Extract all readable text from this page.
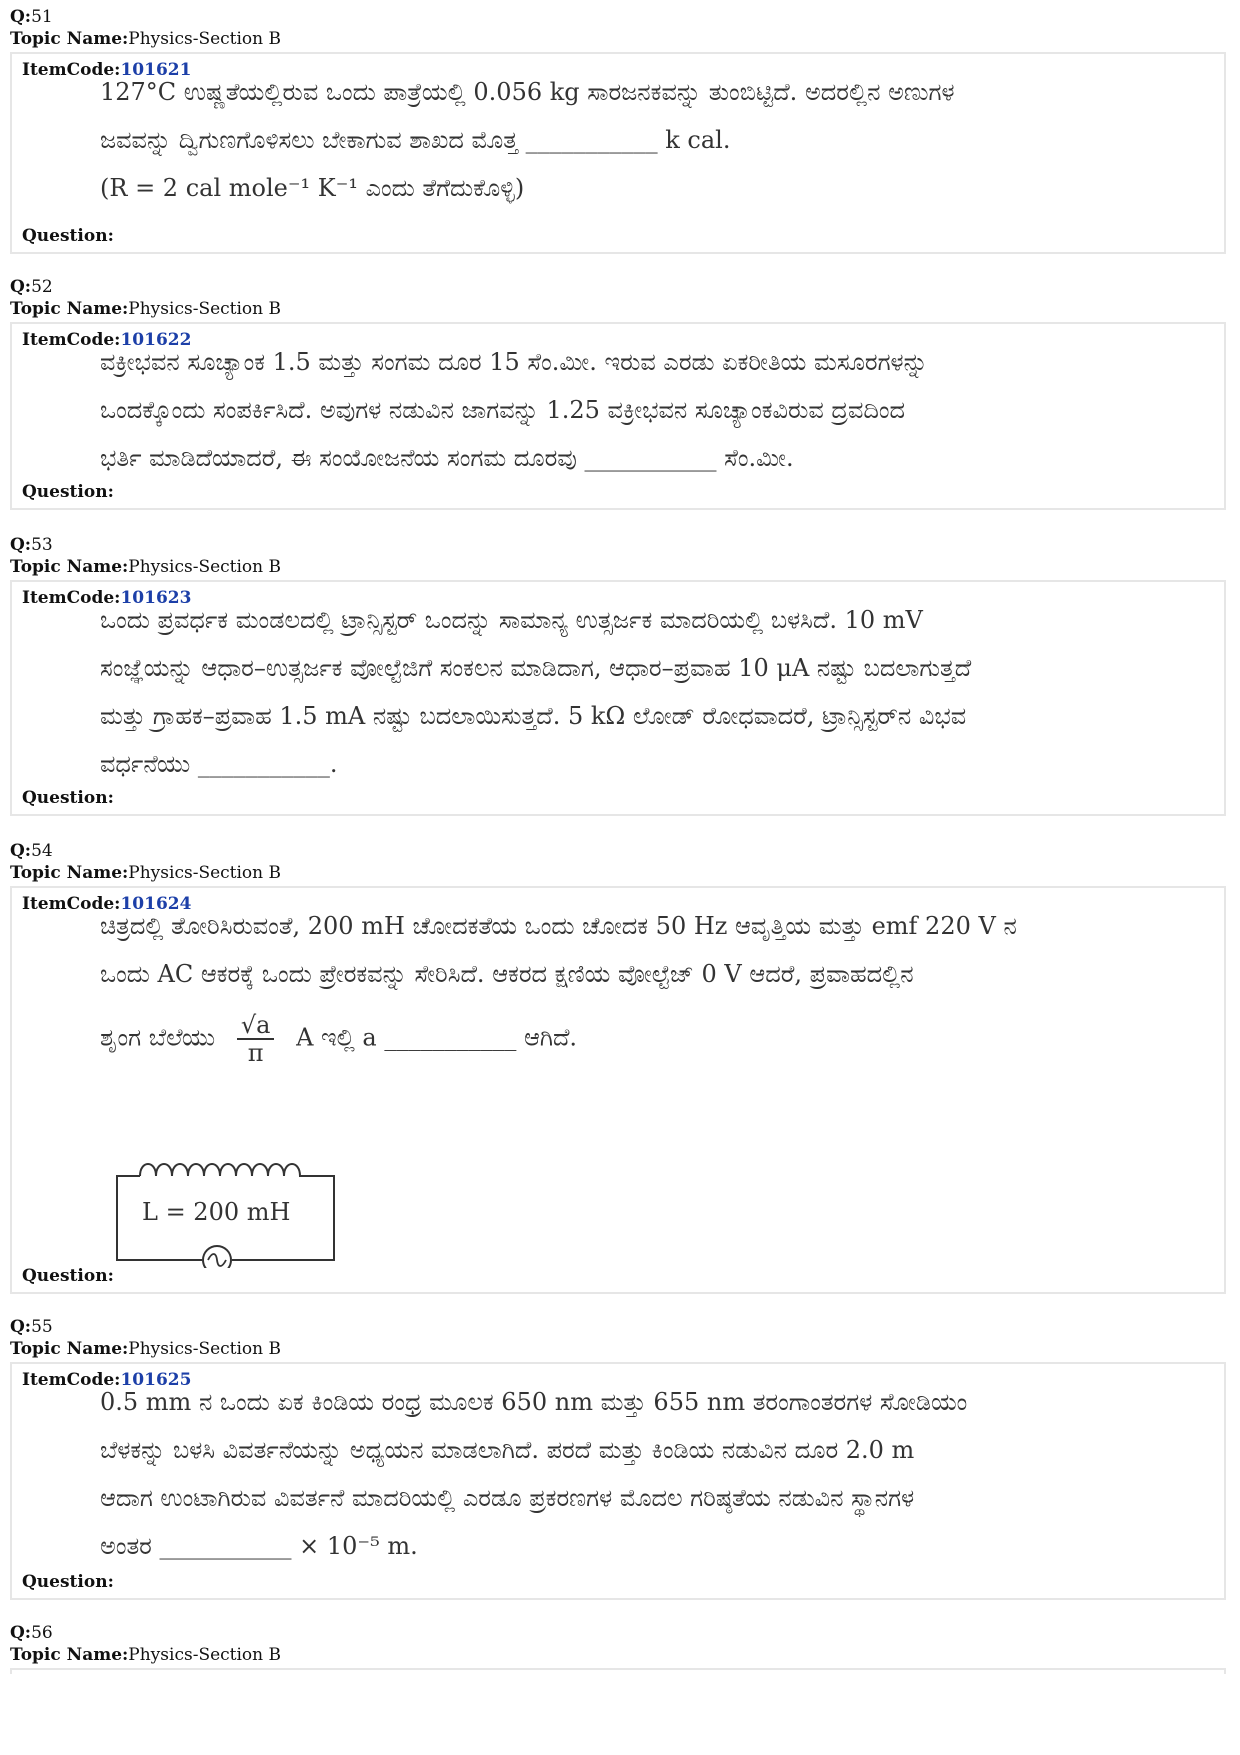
Q:51
Topic Name:Physics-Section B
ItemCode:101621
127°C ಉಷ್ಣತೆಯಲ್ಲಿರುವ ಒಂದು ಪಾತ್ರೆಯಲ್ಲಿ 0.056 kg ಸಾರಜನಕವನ್ನು ತುಂಬಿಟ್ಟಿದೆ. ಅದರಲ್ಲಿನ ಅಣುಗಳ
ಜವವನ್ನು ದ್ವಿಗುಣಗೊಳಿಸಲು ಬೇಕಾಗುವ ಶಾಖದ ಮೊತ್ತ ___________ k cal.
(R = 2 cal mole⁻¹ K⁻¹ ಎಂದು ತೆಗೆದುಕೊಳ್ಳಿ)
Question:
Q:52
Topic Name:Physics-Section B
ItemCode:101622
ವಕ್ರೀಭವನ ಸೂಚ್ಯಾಂಕ 1.5 ಮತ್ತು ಸಂಗಮ ದೂರ 15 ಸೆಂ.ಮೀ. ಇರುವ ಎರಡು ಏಕರೀತಿಯ ಮಸೂರಗಳನ್ನು
ಒಂದಕ್ಕೊಂದು ಸಂಪರ್ಕಿಸಿದೆ. ಅವುಗಳ ನಡುವಿನ ಜಾಗವನ್ನು 1.25 ವಕ್ರೀಭವನ ಸೂಚ್ಯಾಂಕವಿರುವ ದ್ರವದಿಂದ
ಭರ್ತಿ ಮಾಡಿದೆಯಾದರೆ, ಈ ಸಂಯೋಜನೆಯ ಸಂಗಮ ದೂರವು ___________ ಸೆಂ.ಮೀ.
Question:
Q:53
Topic Name:Physics-Section B
ItemCode:101623
ಒಂದು ಪ್ರವರ್ಧಕ ಮಂಡಲದಲ್ಲಿ ಟ್ರಾನ್ಸಿಸ್ಟರ್ ಒಂದನ್ನು ಸಾಮಾನ್ಯ ಉತ್ಸರ್ಜಕ ಮಾದರಿಯಲ್ಲಿ ಬಳಸಿದೆ. 10 mV
ಸಂಜ್ಞೆಯನ್ನು ಆಧಾರ–ಉತ್ಸರ್ಜಕ ವೋಲ್ಟೆಜಿಗೆ ಸಂಕಲನ ಮಾಡಿದಾಗ, ಆಧಾರ–ಪ್ರವಾಹ 10 μA ನಷ್ಟು ಬದಲಾಗುತ್ತದೆ
ಮತ್ತು ಗ್ರಾಹಕ–ಪ್ರವಾಹ 1.5 mA ನಷ್ಟು ಬದಲಾಯಿಸುತ್ತದೆ. 5 kΩ ಲೋಡ್ ರೋಧವಾದರೆ, ಟ್ರಾನ್ಸಿಸ್ಟರ್‌ನ ವಿಭವ
ವರ್ಧನೆಯು ___________.
Question:
Q:54
Topic Name:Physics-Section B
ItemCode:101624
ಚಿತ್ರದಲ್ಲಿ ತೋರಿಸಿರುವಂತೆ, 200 mH ಚೋದಕತೆಯ ಒಂದು ಚೋದಕ 50 Hz ಆವೃತ್ತಿಯ ಮತ್ತು emf 220 V ನ
ಒಂದು AC ಆಕರಕ್ಕೆ ಒಂದು ಪ್ರೇರಕವನ್ನು ಸೇರಿಸಿದೆ. ಆಕರದ ಕ್ಷಣಿಯ ವೋಲ್ಟೆಜ್ 0 V ಆದರೆ, ಪ್ರವಾಹದಲ್ಲಿನ
ಶೃಂಗ ಬೆಲೆಯು $\frac{√a}{\pi}$ A ಇಲ್ಲಿ a ___________ ಆಗಿದೆ.
L = 200 mH
Question:
Q:55
Topic Name:Physics-Section B
ItemCode:101625
0.5 mm ನ ಒಂದು ಏಕ ಕಿಂಡಿಯ ರಂಧ್ರ ಮೂಲಕ 650 nm ಮತ್ತು 655 nm ತರಂಗಾಂತರಗಳ ಸೋಡಿಯಂ
ಬೆಳಕನ್ನು ಬಳಸಿ ವಿವರ್ತನೆಯನ್ನು ಅಧ್ಯಯನ ಮಾಡಲಾಗಿದೆ. ಪರದೆ ಮತ್ತು ಕಿಂಡಿಯ ನಡುವಿನ ದೂರ 2.0 m
ಆದಾಗ ಉಂಟಾಗಿರುವ ವಿವರ್ತನೆ ಮಾದರಿಯಲ್ಲಿ ಎರಡೂ ಪ್ರಕರಣಗಳ ಮೊದಲ ಗರಿಷ್ಠತೆಯ ನಡುವಿನ ಸ್ಥಾನಗಳ
ಅಂತರ ___________ × 10⁻⁵ m.
Question:
Q:56
Topic Name:Physics-Section B
